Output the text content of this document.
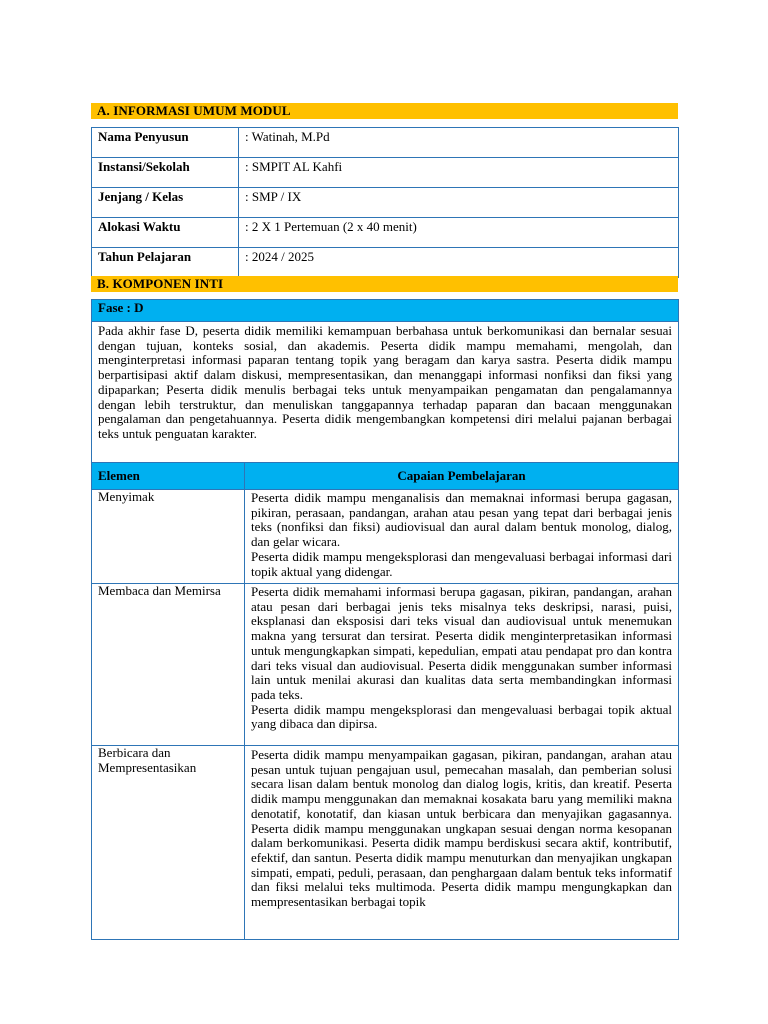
A. INFORMASI UMUM MODUL
Nama Penyusun	: Watinah, M.Pd
Instansi/Sekolah	: SMPIT AL Kahfi
Jenjang / Kelas	: SMP / IX
Alokasi Waktu	: 2 X 1 Pertemuan (2 x 40 menit)
Tahun Pelajaran	: 2024 / 2025
B. KOMPONEN INTI
Fase : D	
Pada akhir fase D, peserta didik memiliki kemampuan berbahasa untuk berkomunikasi dan bernalar sesuai dengan tujuan, konteks sosial, dan akademis. Peserta didik mampu memahami, mengolah, dan menginterpretasi informasi paparan tentang topik yang beragam dan karya sastra. Peserta didik mampu berpartisipasi aktif dalam diskusi, mempresentasikan, dan menanggapi informasi nonfiksi dan fiksi yang dipaparkan; Peserta didik menulis berbagai teks untuk menyampaikan pengamatan dan pengalamannya dengan lebih terstruktur, dan menuliskan tanggapannya terhadap paparan dan bacaan menggunakan pengalaman dan pengetahuannya. Peserta didik mengembangkan kompetensi diri melalui pajanan berbagai teks untuk penguatan karakter.	
Elemen	Capaian Pembelajaran
Menyimak	Peserta didik mampu menganalisis dan memaknai informasi berupa gagasan, pikiran, perasaan, pandangan, arahan atau pesan yang tepat dari berbagai jenis teks (nonfiksi dan fiksi) audiovisual dan aural dalam bentuk monolog, dialog, dan gelar wicara.

Peserta didik mampu mengeksplorasi dan mengevaluasi berbagai informasi dari topik aktual yang didengar.

Membaca dan Memirsa	Peserta didik memahami informasi berupa gagasan, pikiran, pandangan, arahan atau pesan dari berbagai jenis teks misalnya teks deskripsi, narasi, puisi, eksplanasi dan eksposisi dari teks visual dan audiovisual untuk menemukan makna yang tersurat dan tersirat. Peserta didik menginterpretasikan informasi untuk mengungkapkan simpati, kepedulian, empati atau pendapat pro dan kontra dari teks visual dan audiovisual. Peserta didik menggunakan sumber informasi lain untuk menilai akurasi dan kualitas data serta membandingkan informasi pada teks.

Peserta didik mampu mengeksplorasi dan mengevaluasi berbagai topik aktual yang dibaca dan dipirsa.

Berbicara dan Mempresentasikan	Peserta didik mampu menyampaikan gagasan, pikiran, pandangan, arahan atau pesan untuk tujuan pengajuan usul, pemecahan masalah, dan pemberian solusi secara lisan dalam bentuk monolog dan dialog logis, kritis, dan kreatif. Peserta didik mampu menggunakan dan memaknai kosakata baru yang memiliki makna denotatif, konotatif, dan kiasan untuk berbicara dan menyajikan gagasannya. Peserta didik mampu menggunakan ungkapan sesuai dengan norma kesopanan dalam berkomunikasi. Peserta didik mampu berdiskusi secara aktif, kontributif, efektif, dan santun. Peserta didik mampu menuturkan dan menyajikan ungkapan simpati, empati, peduli, perasaan, dan penghargaan dalam bentuk teks informatif dan fiksi melalui teks multimoda. Peserta didik mampu mengungkapkan dan mempresentasikan berbagai topik
